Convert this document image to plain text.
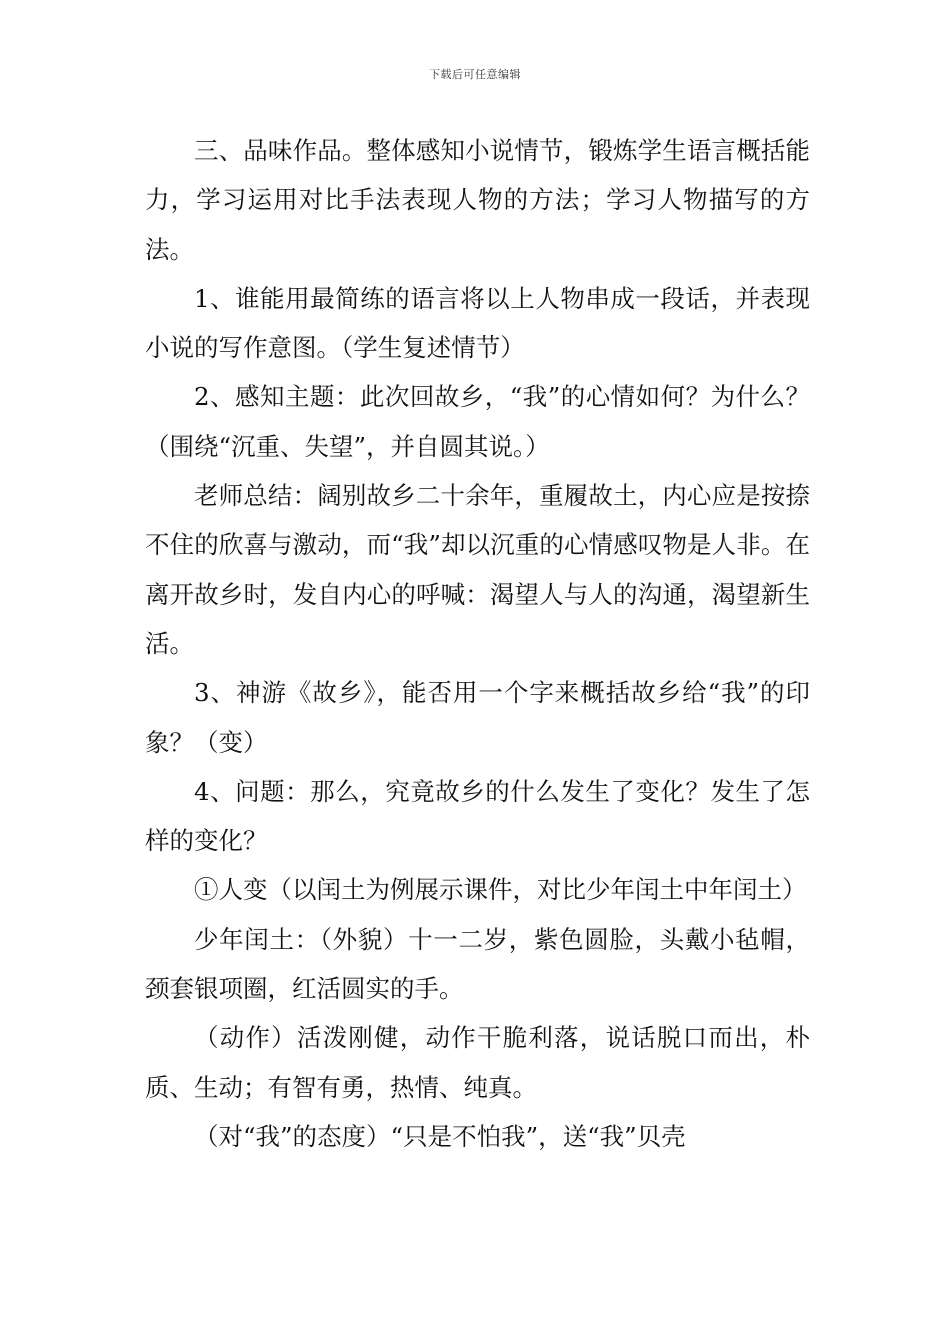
下载后可任意编辑

三、品味作品。整体感知小说情节，锻炼学生语言概括能力，学习运用对比手法表现人物的方法；学习人物描写的方法。

1、谁能用最简练的语言将以上人物串成一段话，并表现小说的写作意图。（学生复述情节）

2、感知主题：此次回故乡，“我”的心情如何？为什么？（围绕“沉重、失望”，并自圆其说。）

老师总结：阔别故乡二十余年，重履故土，内心应是按捺不住的欣喜与激动，而“我”却以沉重的心情感叹物是人非。在离开故乡时，发自内心的呼喊：渴望人与人的沟通，渴望新生活。

3、神游《故乡》，能否用一个字来概括故乡给“我”的印象？（变）

4、问题：那么，究竟故乡的什么发生了变化？发生了怎样的变化？

①人变（以闰土为例展示课件，对比少年闰土中年闰土）

少年闰土：（外貌）十一二岁，紫色圆脸，头戴小毡帽，颈套银项圈，红活圆实的手。

（动作）活泼刚健，动作干脆利落，说话脱口而出，朴质、生动；有智有勇，热情、纯真。

（对“我”的态度）“只是不怕我”，送“我”贝壳
